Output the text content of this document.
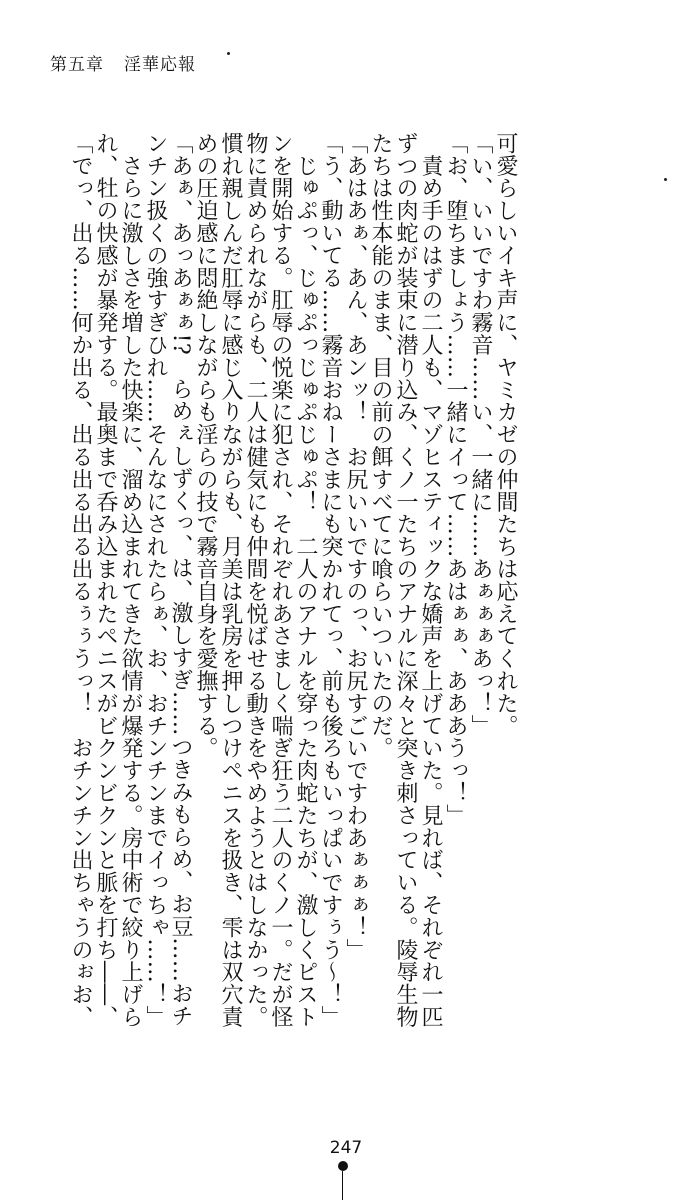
第五章 淫華応報
可愛らしいイキ声に、ヤミカゼの仲間たちは応えてくれた。
「い、いいですわ霧音……い、一緒に……あぁぁぁあっ！」
「お、堕ちましょう……一緒にイって……あはぁぁ、あああうっ！」
　責め手のはずの二人も、マゾヒスティックな嬌声を上げていた。見れば、それぞれ一匹
ずつの肉蛇が装束に潜り込み、くノ一たちのアナルに深々と突き刺さっている。陵辱生物
たちは性本能のまま、目の前の餌すべてに喰らいついたのだ。
「あはあぁ、あん、あンッ！　お尻いいですのっ、お尻すごいですわあぁぁぁ！」
「う、動いてる……霧音おねーさまにも突かれてっ、前も後ろもいっぱいですぅう〜！」
　じゅぷっ、じゅぷっじゅぷじゅぷ！　二人のアナルを穿った肉蛇たちが、激しくピスト
ンを開始する。肛辱の悦楽に犯され、それぞれあさましく喘ぎ狂う二人のくノ一。だが怪
物に責められながらも、二人は健気にも仲間を悦ばせる動きをやめようとはしなかった。
慣れ親しんだ肛辱に感じ入りながらも、月美は乳房を押しつけペニスを扱き、雫は双穴責
めの圧迫感に悶絶しながらも淫らの技で霧音自身を愛撫する。
「あぁ、あっあぁぁ!?　らめぇしずくっ、は、激しすぎ……つきみもらめ、お豆……おチ
ンチン扱くの強すぎひれ……そんなにされたらぁ、お、おチンチンまでイっちゃ……！」
　さらに激しさを増した快楽に、溜め込まれてきた欲情が爆発する。房中術で絞り上げら
れ、牡の快感が暴発する。最奥まで呑み込まれたペニスがビクンビクンと脈を打ち――、
「でっ、出る……何か出る、出る出る出る出るぅぅうっ！　おチンチン出ちゃうのぉお、
247
